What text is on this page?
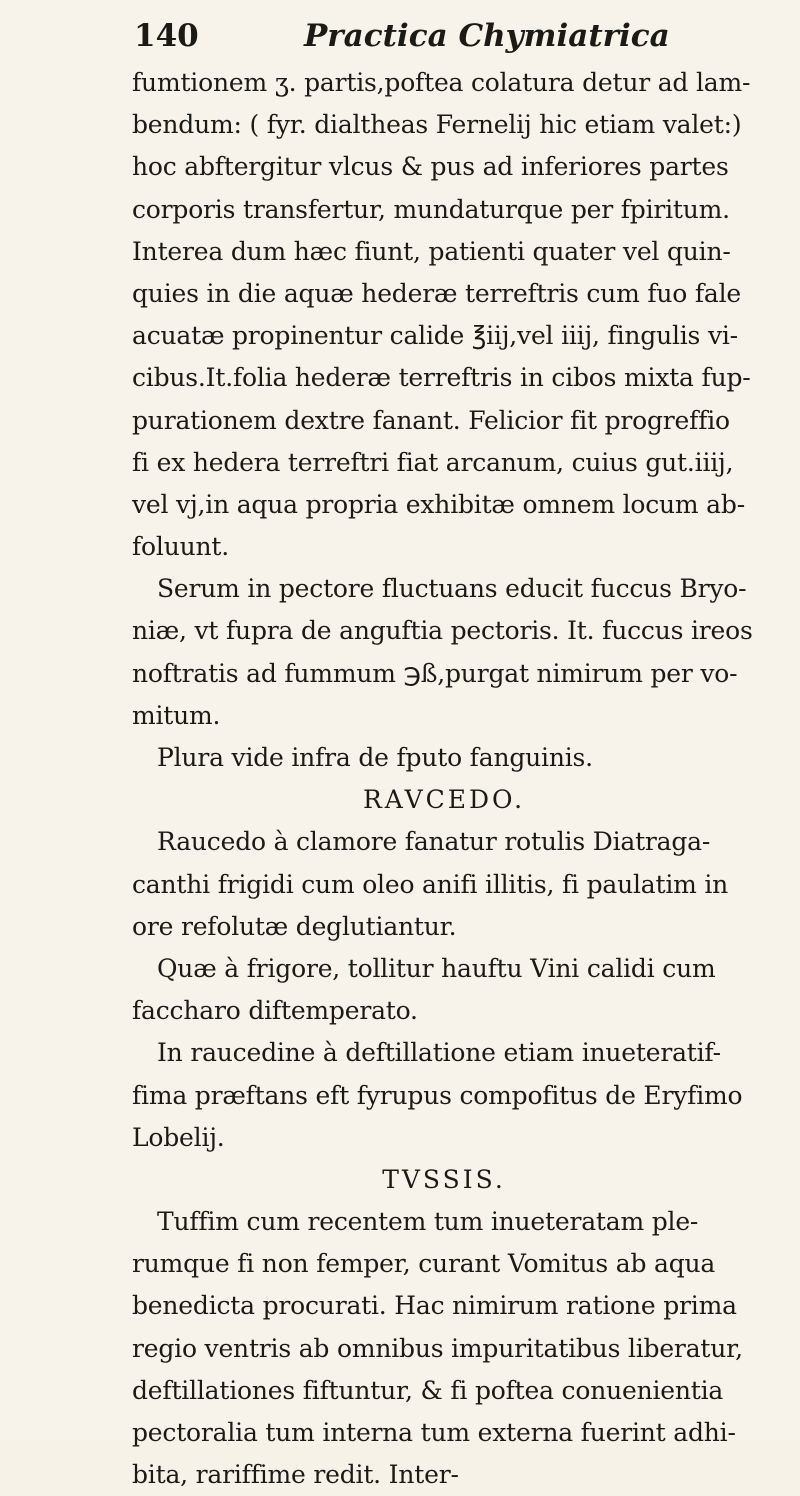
140	Practica Chymiatrica
fumtionem ʒ. partis,poftea colatura detur ad lam-
bendum: ( fyr. dialtheas Fernelij hic etiam valet:)
hoc abftergitur vlcus & pus ad inferiores partes
corporis transfertur, mundaturque per fpiritum.
Interea dum hæc fiunt, patienti quater vel quin-
quies in die aquæ hederæ terreftris cum fuo fale
acuatæ propinentur calide ℥iij,vel iiij, fingulis vi-
cibus.It.folia hederæ terreftris in cibos mixta fup-
purationem dextre fanant. Felicior fit progreffio
fi ex hedera terreftri fiat arcanum, cuius gut.iiij,
vel vj,in aqua propria exhibitæ omnem locum ab-
foluunt.
Serum in pectore fluctuans educit fuccus Bryo-
niæ, vt fupra de anguftia pectoris. It. fuccus ireos
noftratis ad fummum ℈ß,purgat nimirum per vo-
mitum.
Plura vide infra de fputo fanguinis.
RAVCEDO.
Raucedo à clamore fanatur rotulis Diatraga-
canthi frigidi cum oleo anifi illitis, fi paulatim in
ore refolutæ deglutiantur.
Quæ à frigore, tollitur hauftu Vini calidi cum
faccharo diftemperato.
In raucedine à deftillatione etiam inueteratif-
fima præftans eft fyrupus compofitus de Eryfimo
Lobelij.
TVSSIS.
Tuffim cum recentem tum inueteratam ple-
rumque fi non femper, curant Vomitus ab aqua
benedicta procurati. Hac nimirum ratione prima
regio ventris ab omnibus impuritatibus liberatur,
deftillationes fiftuntur, & fi poftea conuenientia
pectoralia tum interna tum externa fuerint adhi-
bita, rariffime redit. Inter-
